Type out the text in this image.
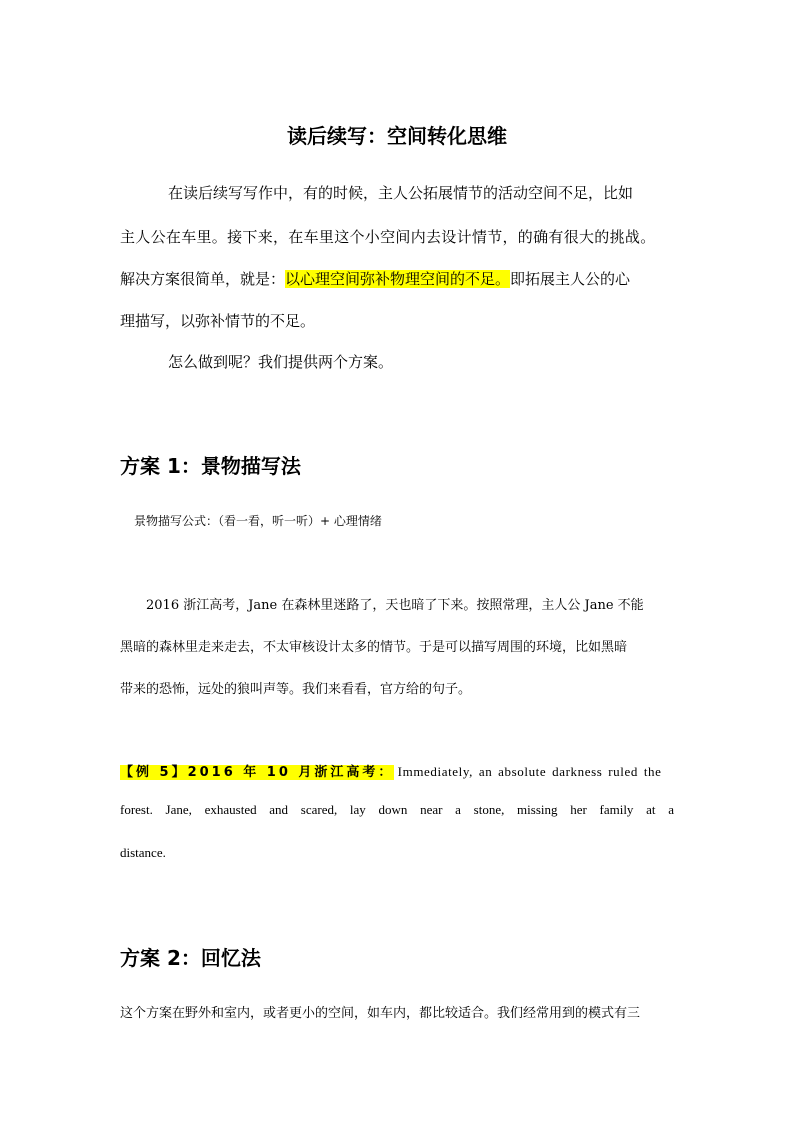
读后续写：空间转化思维
在读后续写写作中，有的时候，主人公拓展情节的活动空间不足，比如
主人公在车里。接下来，在车里这个小空间内去设计情节，的确有很大的挑战。
解决方案很简单，就是：以心理空间弥补物理空间的不足。即拓展主人公的心
理描写，以弥补情节的不足。
怎么做到呢？我们提供两个方案。
方案 1：景物描写法
景物描写公式：（看一看，听一听）+ 心理情绪
2016 浙江高考，Jane 在森林里迷路了，天也暗了下来。按照常理，主人公 Jane 不能
黑暗的森林里走来走去，不太审核设计太多的情节。于是可以描写周围的环境，比如黑暗
带来的恐怖，远处的狼叫声等。我们来看看，官方给的句子。
【例 5】2016 年 10 月浙江高考： Immediately, an absolute darkness ruled the
forest. Jane, exhausted and scared, lay down near a stone, missing her family at a
distance.
方案 2：回忆法
这个方案在野外和室内，或者更小的空间，如车内，都比较适合。我们经常用到的模式有三
